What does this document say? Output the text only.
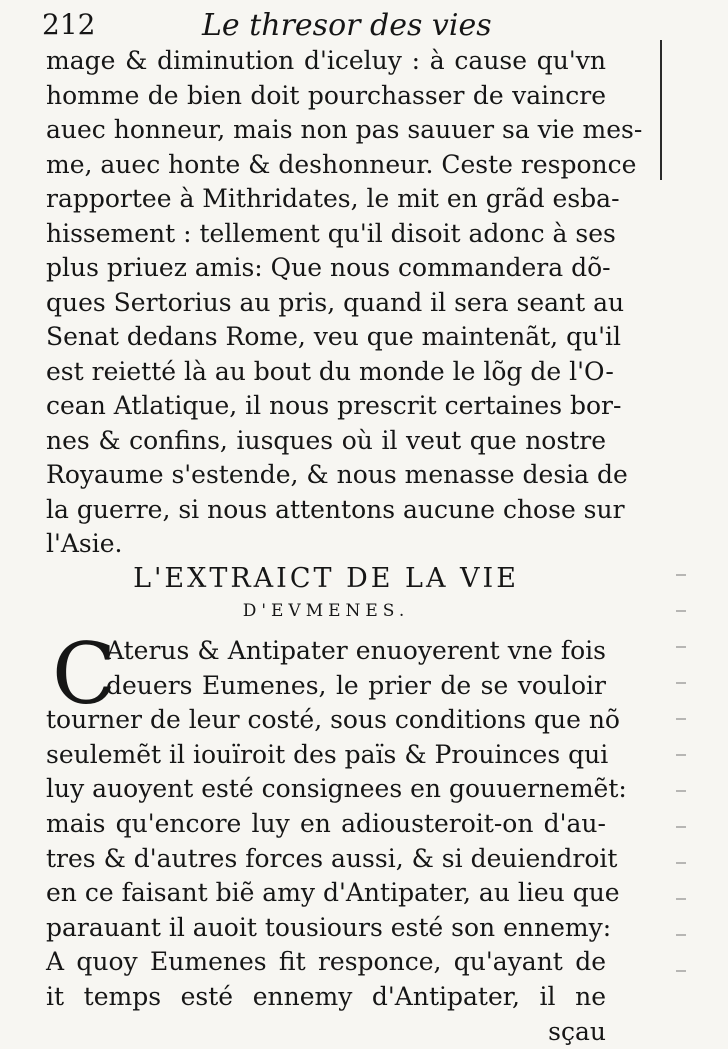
212	Le thresor des vies
mage & diminution d'iceluy : à cause qu'vn
homme de bien doit pourchasser de vaincre
auec honneur, mais non pas sauuer sa vie mes-
me, auec honte & deshonneur. Ceste responce
rapportee à Mithridates, le mit en grãd esba-
hissement : tellement qu'il disoit adonc à ses
plus priuez amis: Que nous commandera dõ-
ques Sertorius au pris, quand il sera seant au
Senat dedans Rome, veu que maintenãt, qu'il
est reietté là au bout du monde le lõg de l'O-
cean Atlatique, il nous prescrit certaines bor-
nes & confins, iusques où il veut que nostre
Royaume s'estende, & nous menasse desia de
la guerre, si nous attentons aucune chose sur
l'Asie.
L'EXTRAICT DE LA VIE
D'EVMENES.
C
Aterus & Antipater enuoyerent vne fois
deuers Eumenes, le prier de se vouloir
tourner de leur costé, sous conditions que nõ
seulemẽt il iouïroit des païs & Prouinces qui
luy auoyent esté consignees en gouuernemẽt:
mais qu'encore luy en adiousteroit-on d'au-
tres & d'autres forces aussi, & si deuiendroit
en ce faisant biẽ amy d'Antipater, au lieu que
parauant il auoit tousiours esté son ennemy:
A quoy Eumenes fit responce, qu'ayant de
it temps esté ennemy d'Antipater, il ne
sçau
